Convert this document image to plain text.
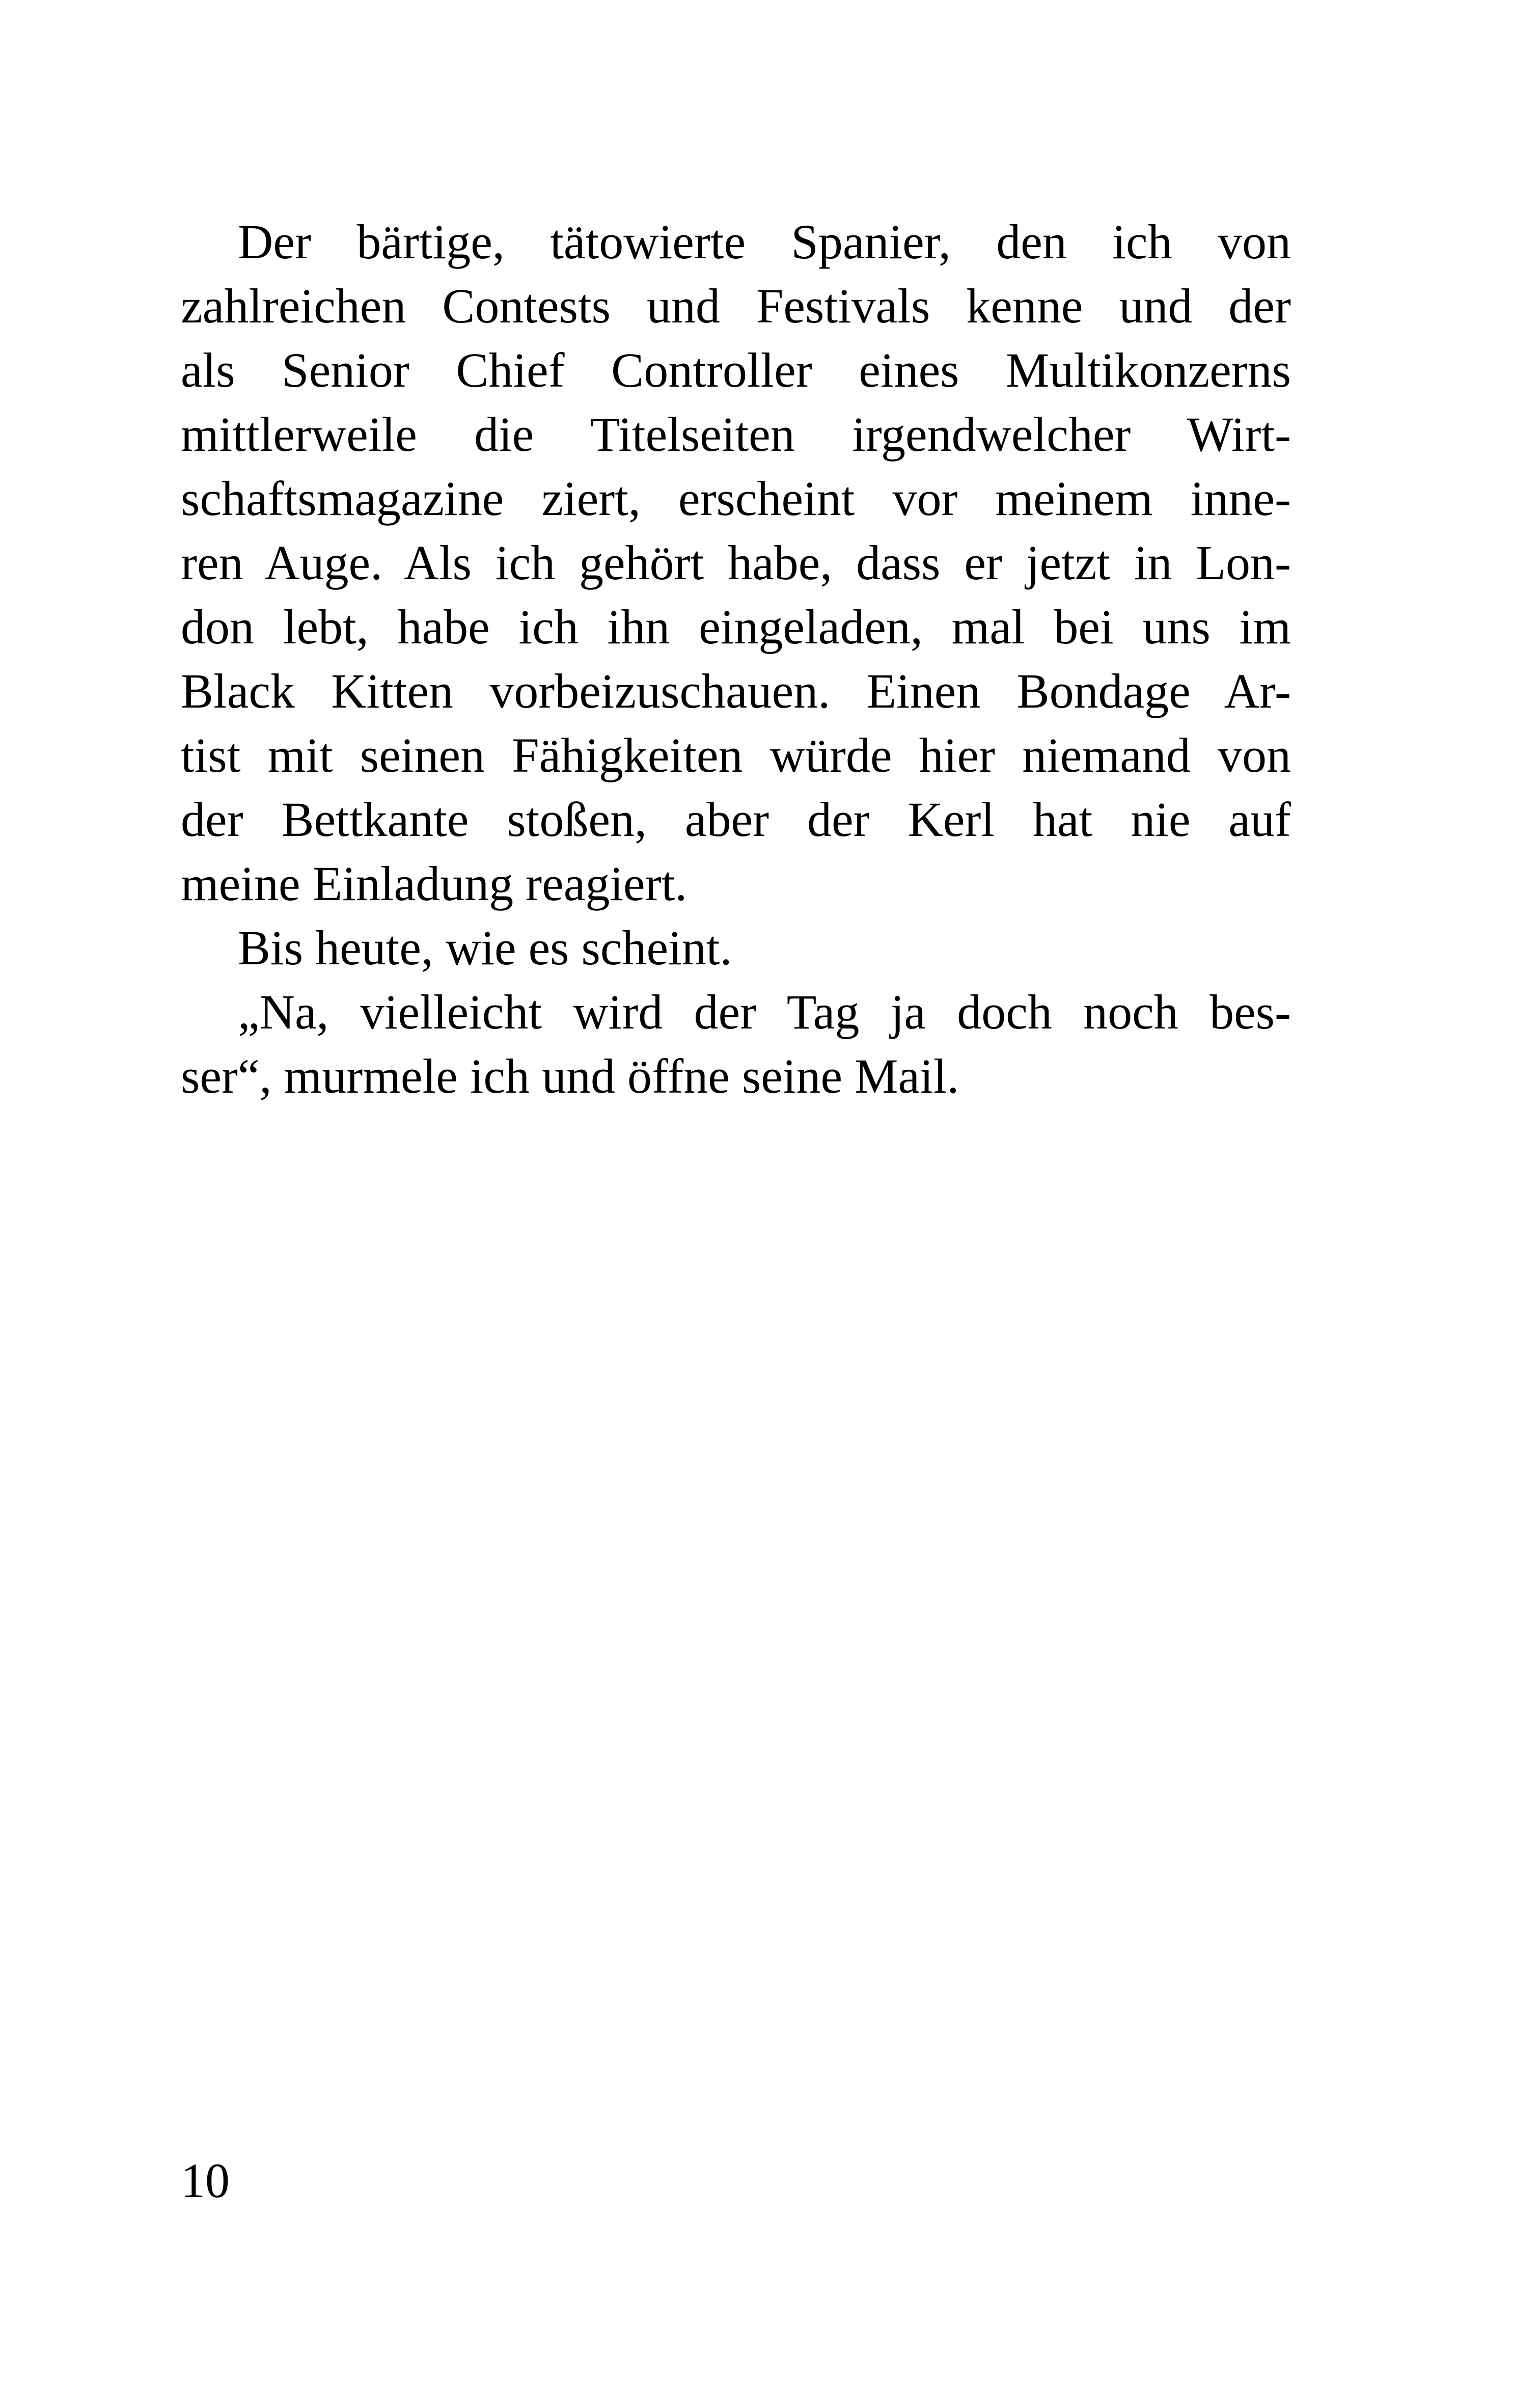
Der bärtige, tätowierte Spanier, den ich von
zahlreichen Contests und Festivals kenne und der
als Senior Chief Controller eines Multikonzerns
mittlerweile die Titelseiten irgendwelcher Wirt-
schaftsmagazine ziert, erscheint vor meinem inne-
ren Auge. Als ich gehört habe, dass er jetzt in Lon-
don lebt, habe ich ihn eingeladen, mal bei uns im
Black Kitten vorbeizuschauen. Einen Bondage Ar-
tist mit seinen Fähigkeiten würde hier niemand von
der Bettkante stoßen, aber der Kerl hat nie auf
meine Einladung reagiert.
Bis heute, wie es scheint.
„Na, vielleicht wird der Tag ja doch noch bes-
ser“, murmele ich und öffne seine Mail.
10
